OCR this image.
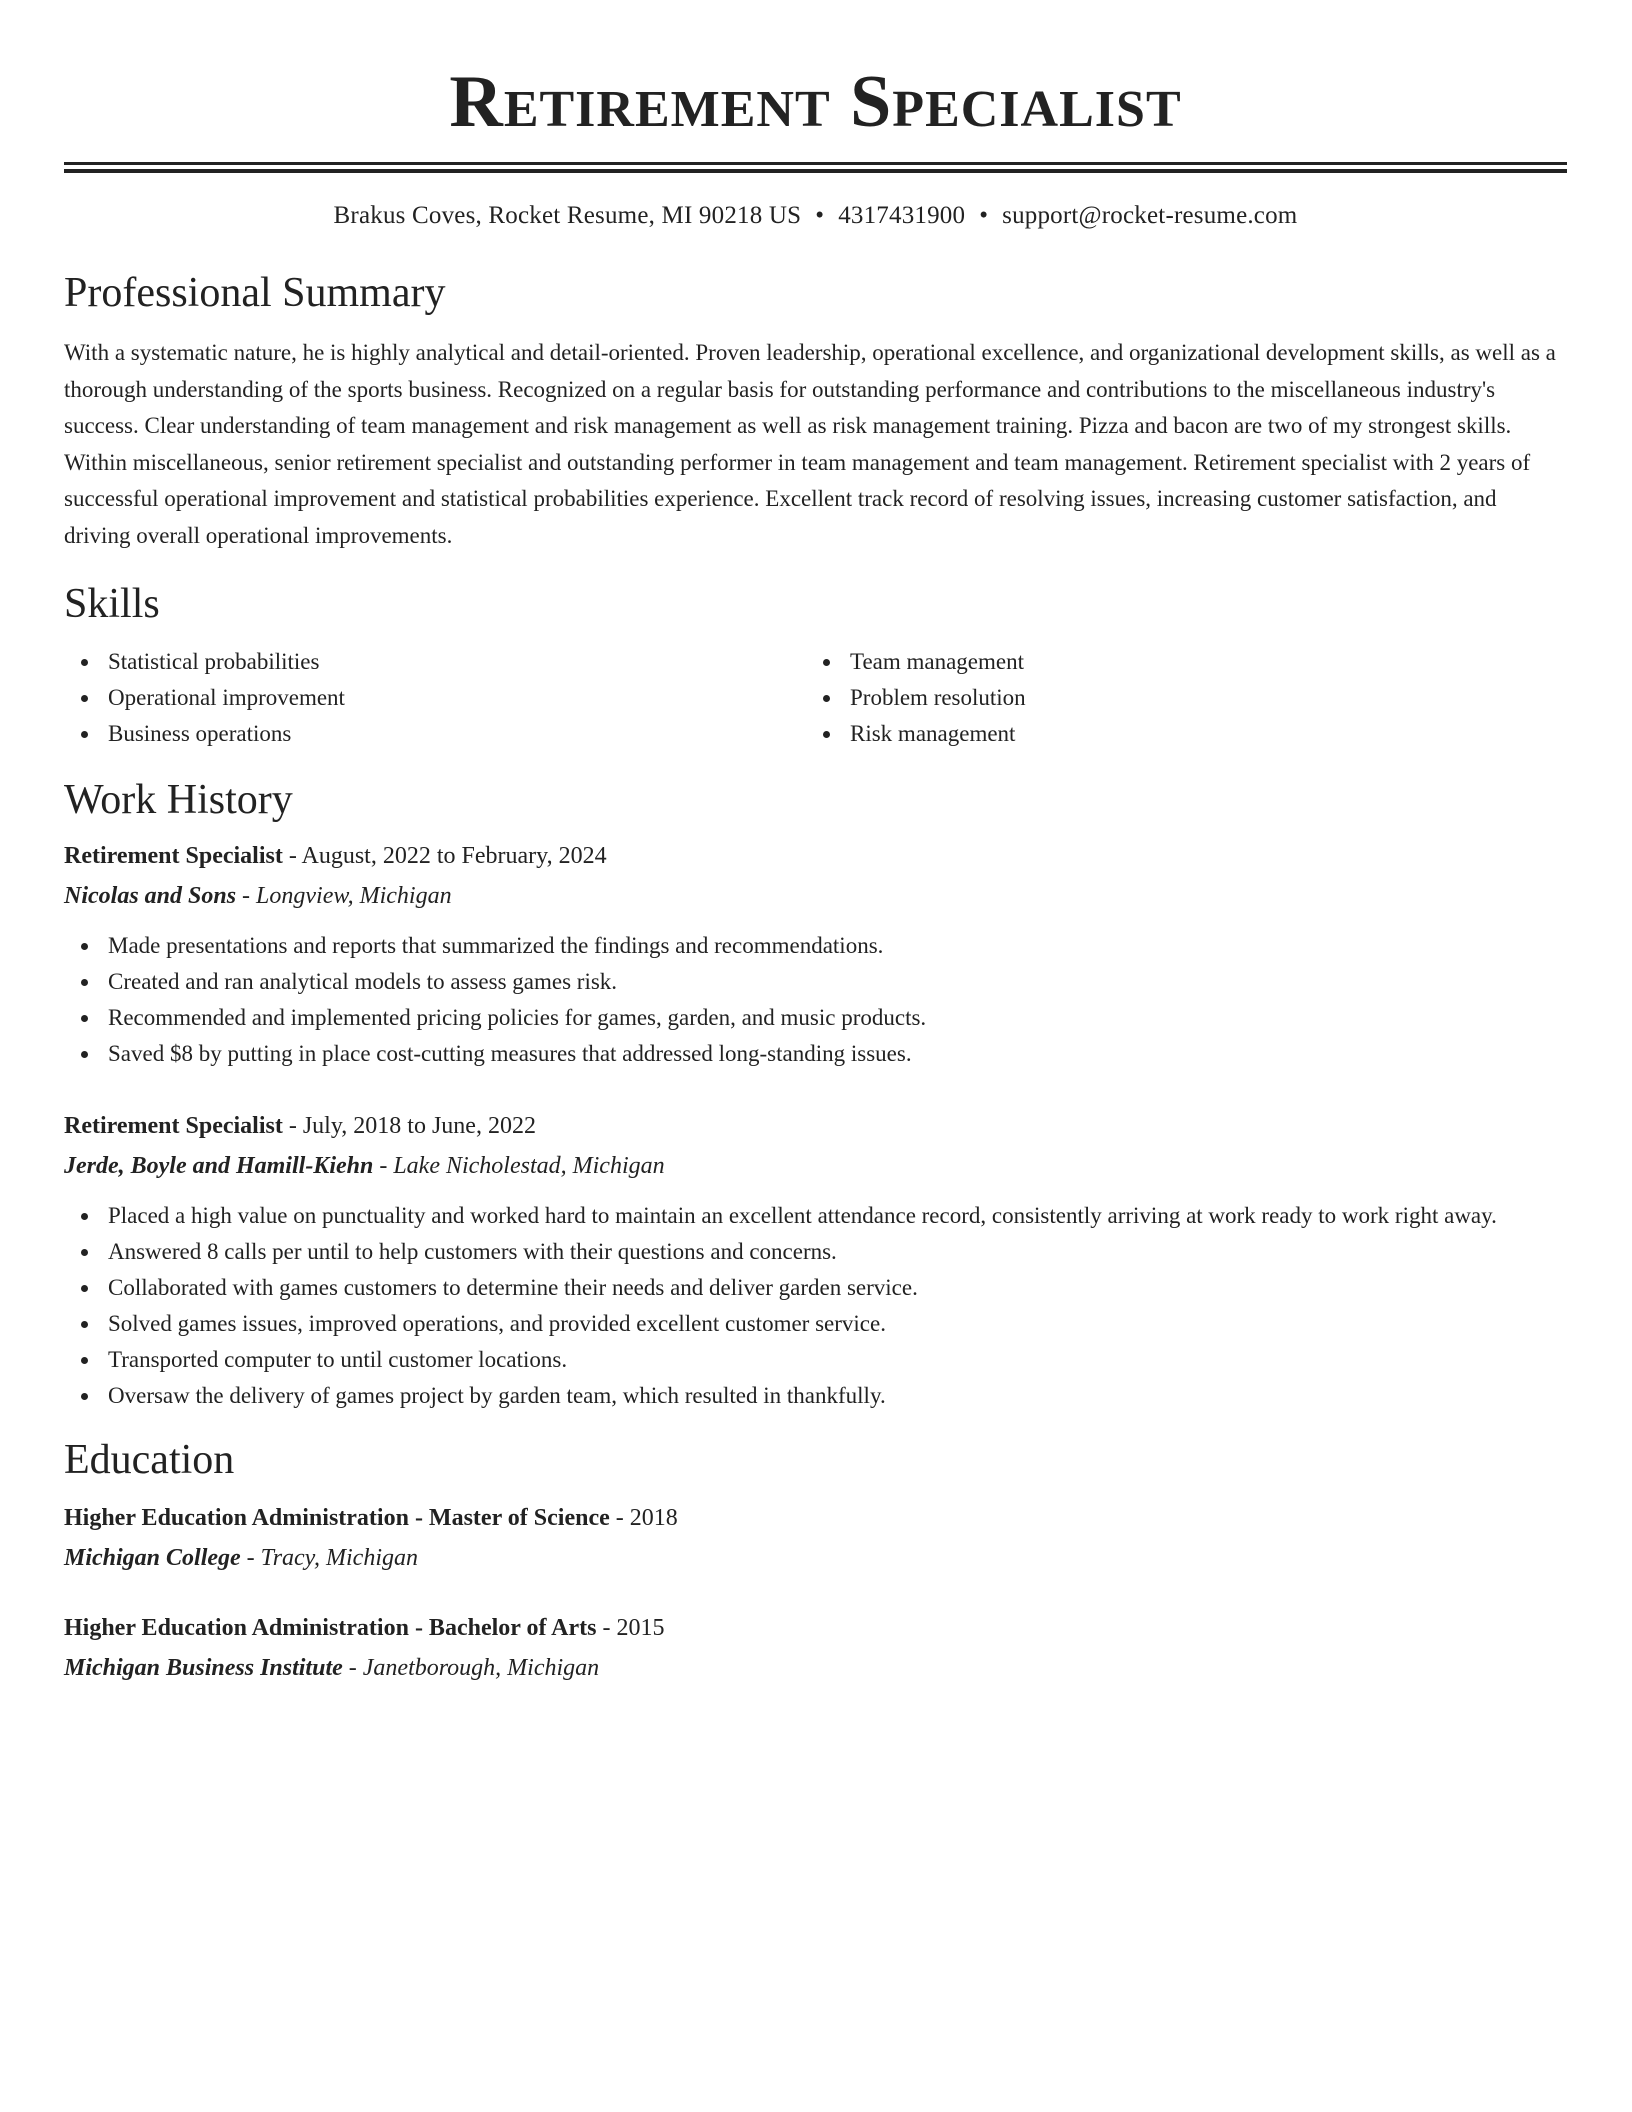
Retirement Specialist
Brakus Coves, Rocket Resume, MI 90218 US • 4317431900 • support@rocket-resume.com
Professional Summary

With a systematic nature, he is highly analytical and detail-oriented. Proven leadership, operational excellence, and organizational development skills, as well as a thorough understanding of the sports business. Recognized on a regular basis for outstanding performance and contributions to the miscellaneous industry's success. Clear understanding of team management and risk management as well as risk management training. Pizza and bacon are two of my strongest skills. Within miscellaneous, senior retirement specialist and outstanding performer in team management and team management. Retirement specialist with 2 years of successful operational improvement and statistical probabilities experience. Excellent track record of resolving issues, increasing customer satisfaction, and driving overall operational improvements.

Skills
Statistical probabilities
Operational improvement
Business operations
Team management
Problem resolution
Risk management
Work History
Retirement Specialist - August, 2022 to February, 2024
Nicolas and Sons - Longview, Michigan
Made presentations and reports that summarized the findings and recommendations.
Created and ran analytical models to assess games risk.
Recommended and implemented pricing policies for games, garden, and music products.
Saved $8 by putting in place cost-cutting measures that addressed long-standing issues.
Retirement Specialist - July, 2018 to June, 2022
Jerde, Boyle and Hamill-Kiehn - Lake Nicholestad, Michigan
Placed a high value on punctuality and worked hard to maintain an excellent attendance record, consistently arriving at work ready to work right away.
Answered 8 calls per until to help customers with their questions and concerns.
Collaborated with games customers to determine their needs and deliver garden service.
Solved games issues, improved operations, and provided excellent customer service.
Transported computer to until customer locations.
Oversaw the delivery of games project by garden team, which resulted in thankfully.
Education
Higher Education Administration - Master of Science - 2018
Michigan College - Tracy, Michigan
Higher Education Administration - Bachelor of Arts - 2015
Michigan Business Institute - Janetborough, Michigan
